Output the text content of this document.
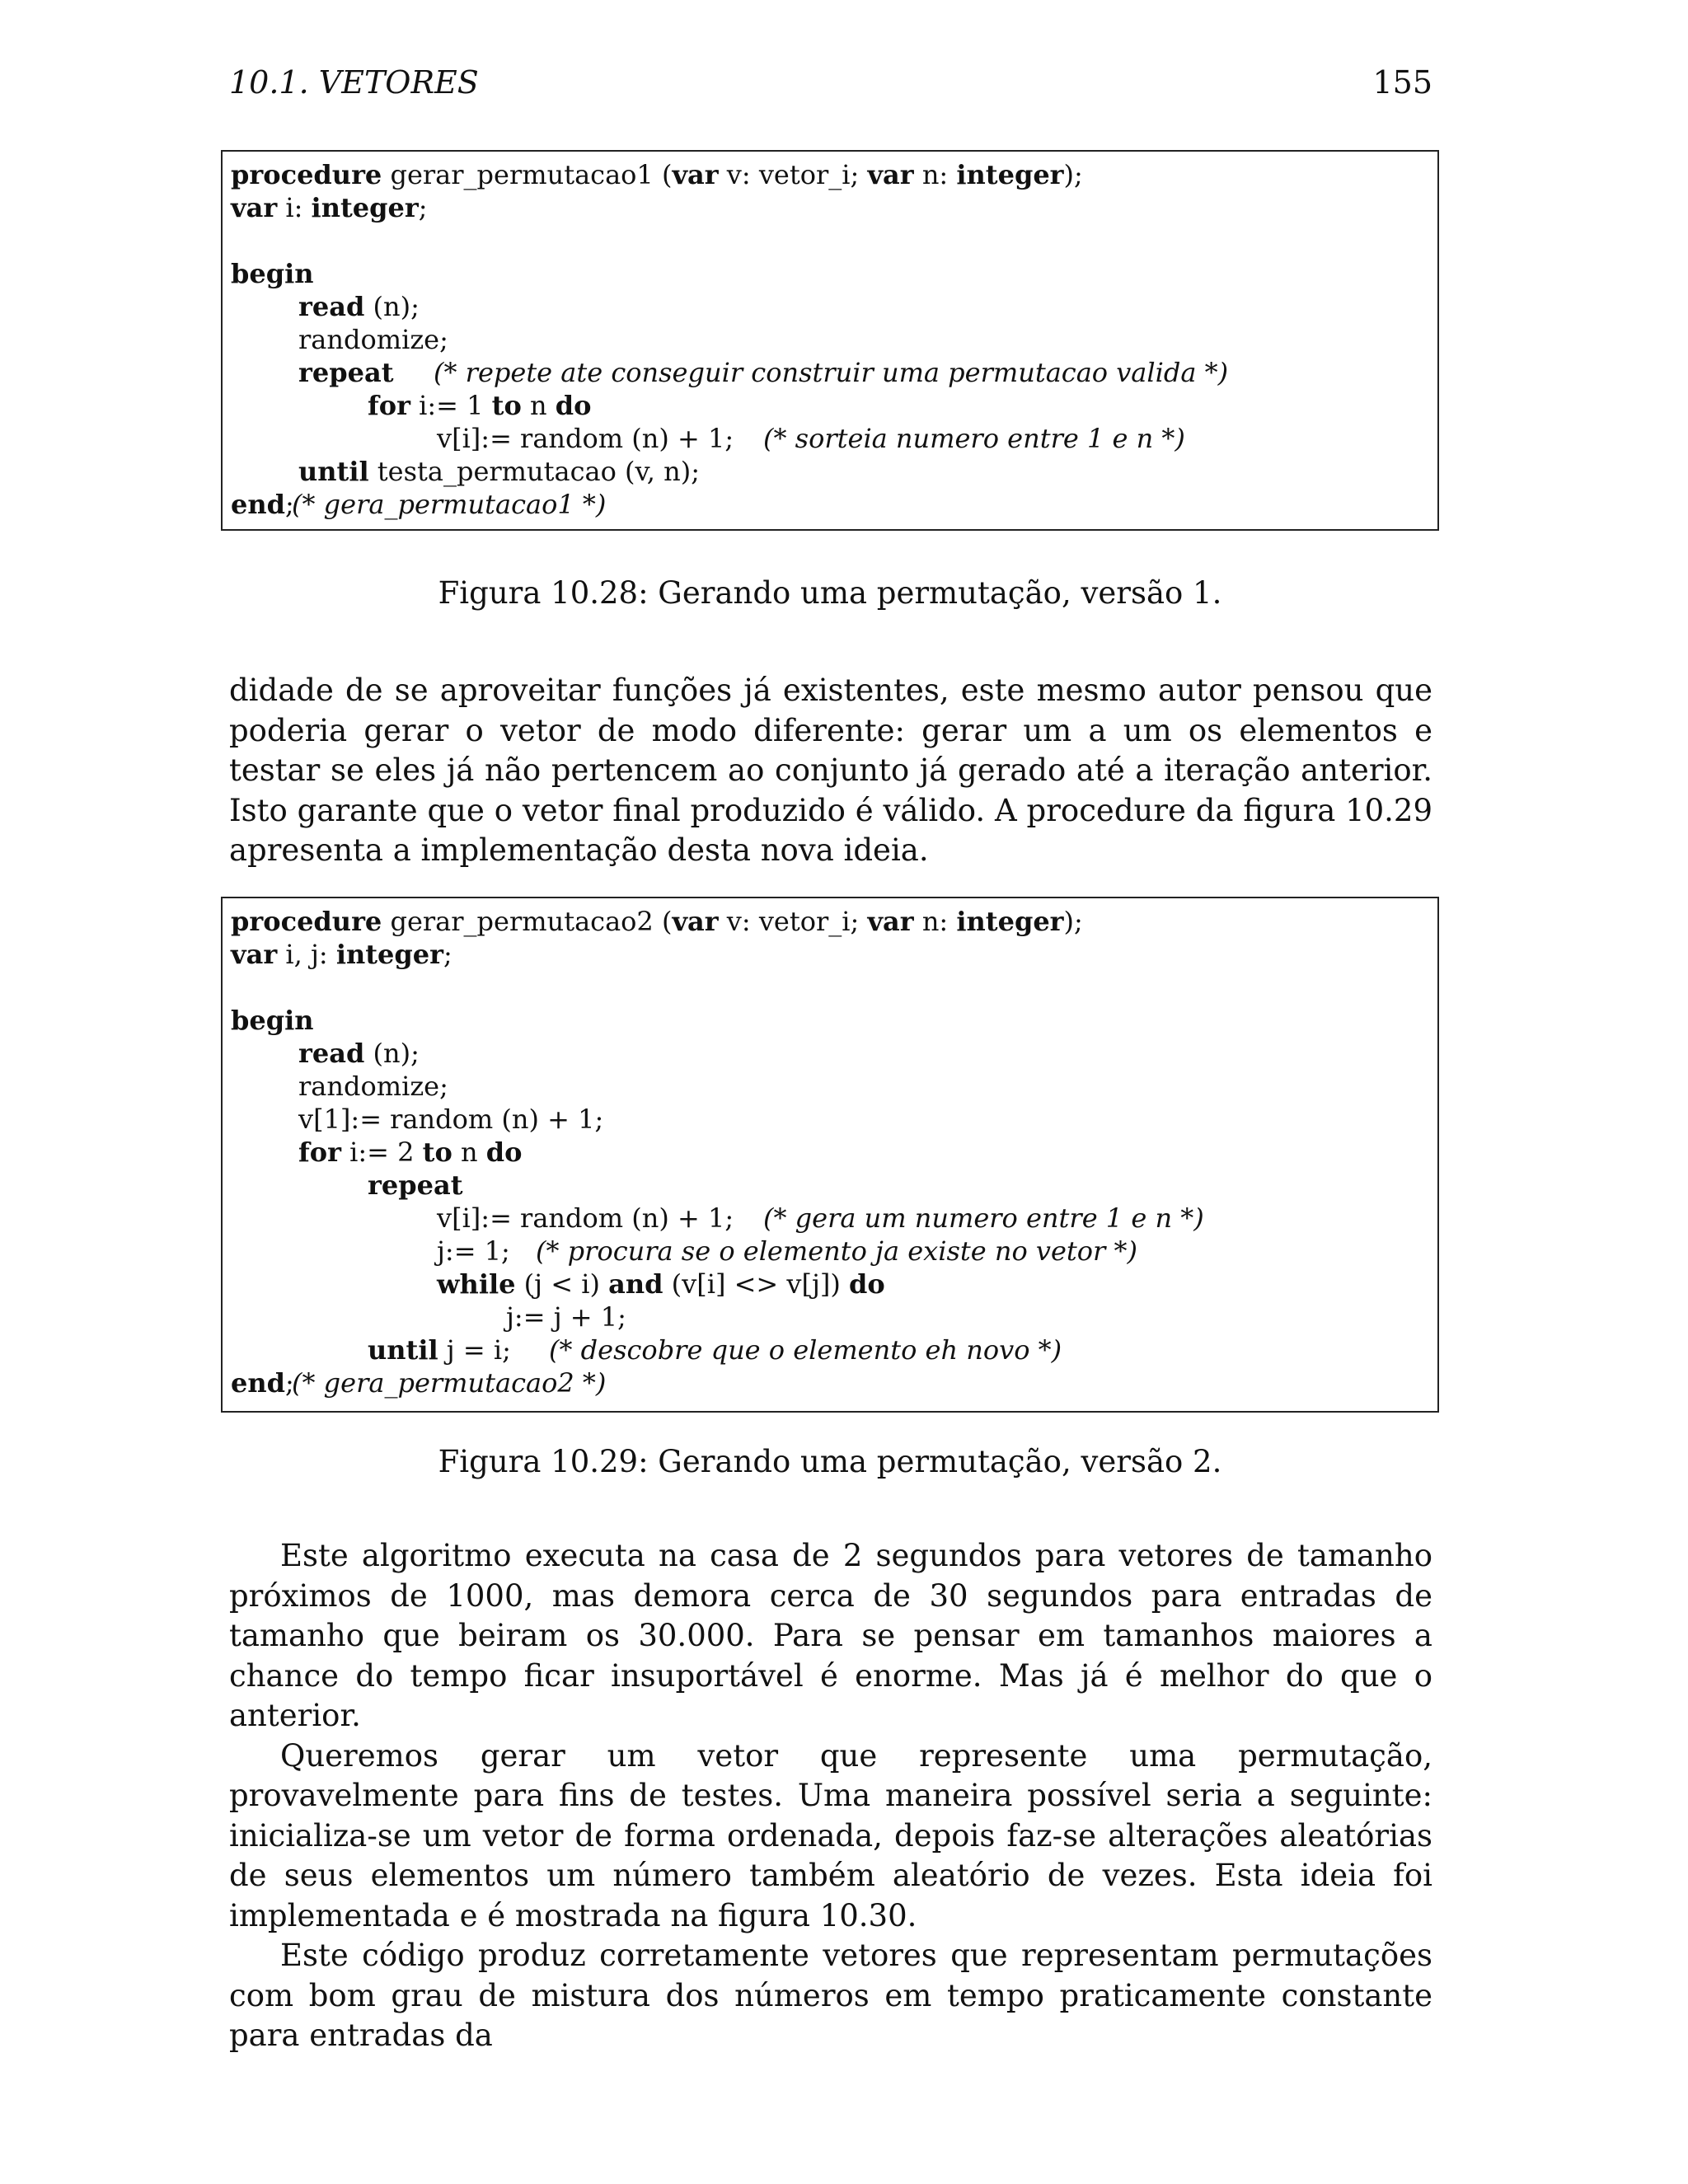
10.1. VETORES	155
procedure gerar_permutacao1 (var v: vetor_i; var n: integer);
var i: integer;
begin
read (n);
randomize;
repeat (* repete ate conseguir construir uma permutacao valida *)
for i:= 1 to n do
v[i]:= random (n) + 1; (* sorteia numero entre 1 e n *)
until testa_permutacao (v, n);
end;
(* gera_permutacao1 *)
Figura 10.28: Gerando uma permutação, versão 1.

didade de se aproveitar funções já existentes, este mesmo autor pensou que poderia gerar o vetor de modo diferente: gerar um a um os elementos e testar se eles já não pertencem ao conjunto já gerado até a iteração anterior. Isto garante que o vetor final produzido é válido. A procedure da figura 10.29 apresenta a implementação desta nova ideia.

procedure gerar_permutacao2 (var v: vetor_i; var n: integer);
var i, j: integer;
begin
read (n);
randomize;
v[1]:= random (n) + 1;
for i:= 2 to n do
repeat
v[i]:= random (n) + 1; (* gera um numero entre 1 e n *)
j:= 1; (* procura se o elemento ja existe no vetor *)
while (j < i) and (v[i] <> v[j]) do
j:= j + 1;
until j = i; (* descobre que o elemento eh novo *)
end;
(* gera_permutacao2 *)
Figura 10.29: Gerando uma permutação, versão 2.

Este algoritmo executa na casa de 2 segundos para vetores de tamanho próximos de 1000, mas demora cerca de 30 segundos para entradas de tamanho que beiram os 30.000. Para se pensar em tamanhos maiores a chance do tempo ficar insuportável é enorme. Mas já é melhor do que o anterior.

Queremos gerar um vetor que represente uma permutação, provavelmente para fins de testes. Uma maneira possível seria a seguinte: inicializa-se um vetor de forma ordenada, depois faz-se alterações aleatórias de seus elementos um número também aleatório de vezes. Esta ideia foi implementada e é mostrada na figura 10.30.

Este código produz corretamente vetores que representam permutações com bom grau de mistura dos números em tempo praticamente constante para entradas da
